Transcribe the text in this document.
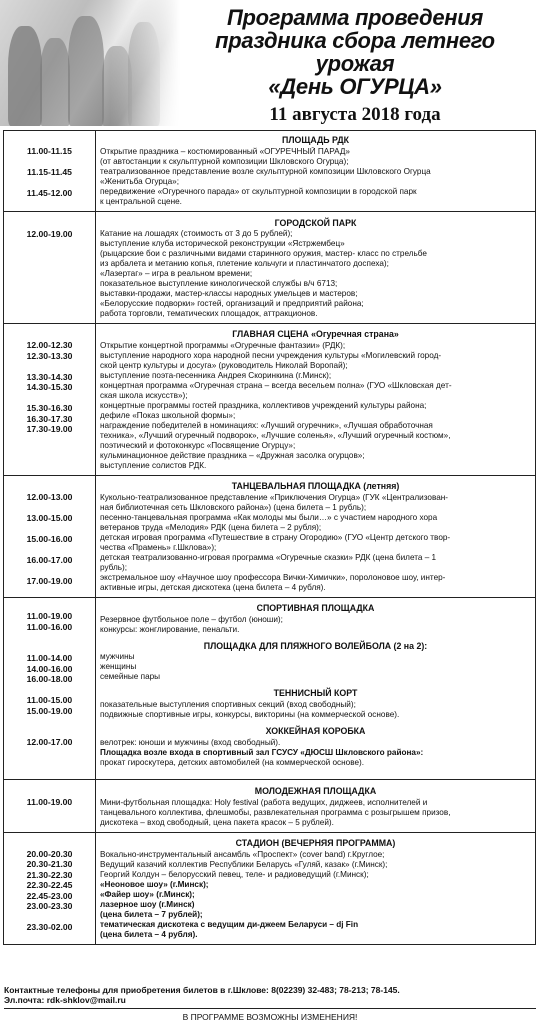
Программа проведения
праздника сбора летнего урожая
«День ОГУРЦА»
11 августа 2018 года
11.00-11.15

11.15-11.45

11.45-12.00
ПЛОЩАДЬ РДК
Открытие праздника – костюмированный «ОГУРЕЧНЫЙ ПАРАД»
(от автостанции к скульптурной композиции Шкловского Огурца);
театрализованное представление возле скульптурной композиции Шкловского Огурца
«Женитьба Огурца»;
передвижение «Огуречного парада» от скульптурной композиции в городской парк
к центральной сцене.
12.00-19.00
ГОРОДСКОЙ ПАРК
Катание на лошадях (стоимость от 3 до 5 рублей);
выступление клуба исторической реконструкции «Ястржембец»
(рыцарские бои с различными видами старинного оружия, мастер- класс по стрельбе
из арбалета и метанию копья, плетение кольчуги и пластинчатого доспеха);
«Лазертаг» – игра в реальном времени;
показательное выступление кинологической службы в/ч 6713;
выставки-продажи, мастер-классы народных умельцев и мастеров;
«Белорусские подворки» гостей, организаций и предприятий района;
работа торговли, тематических площадок, аттракционов.
12.00-12.30
12.30-13.30

13.30-14.30
14.30-15.30

15.30-16.30
16.30-17.30
17.30-19.00
ГЛАВНАЯ СЦЕНА «Огуречная страна»
Открытие концертной программы «Огуречные фантазии» (РДК);
выступление народного хора народной песни учреждения культуры «Могилевский город-
ской центр культуры и досуга» (руководитель Николай Воропай);
выступление поэта-песенника Андрея Скоринкина (г.Минск);
концертная программа «Огуречная страна – всегда весельем полна» (ГУО «Шкловская дет-
ская школа искусств»);
концертные программы гостей праздника, коллективов учреждений культуры района;
дефиле «Показ школьной формы»;
награждение победителей в номинациях: «Лучший огуречник», «Лучшая обработочная
техника», «Лучший огуречный подворок», «Лучшие соленья», «Лучший огуречный костюм»,
поэтический и фотоконкурс «Посвящение Огурцу»;
кульминационное действие праздника – «Дружная засолка огурцов»;
выступление солистов РДК.
12.00-13.00

13.00-15.00

15.00-16.00

16.00-17.00

17.00-19.00
ТАНЦЕВАЛЬНАЯ ПЛОЩАДКА (летняя)
Кукольно-театрализованное представление «Приключения Огурца» (ГУК «Централизован-
ная библиотечная сеть Шкловского района») (цена билета – 1 рубль);
песенно-танцевальная программа «Как молоды мы были…» с участием народного хора
ветеранов труда «Мелодия» РДК (цена билета – 2 рубля);
детская игровая программа «Путешествие в страну Огородию» (ГУО «Центр детского твор-
чества «Прамень» г.Шклова»);
детская театрализованно-игровая программа «Огуречные сказки» РДК (цена билета – 1
рубль);
экстремальное шоу «Научное шоу профессора Вички-Химички», поролоновое шоу, интер-
активные игры, детская дискотека (цена билета – 4 рубля).

11.00-19.00
11.00-16.00

11.00-14.00
14.00-16.00
16.00-18.00

11.00-15.00
15.00-19.00

12.00-17.00

СПОРТИВНАЯ ПЛОЩАДКА
Резервное футбольное поле – футбол (юноши);
конкурсы: жонглирование, пенальти.
ПЛОЩАДКА ДЛЯ ПЛЯЖНОГО ВОЛЕЙБОЛА (2 на 2):
мужчины
женщины
семейные пары
ТЕННИСНЫЙ КОРТ
показательные выступления спортивных секций (вход свободный);
подвижные спортивные игры, конкурсы, викторины (на коммерческой основе).
ХОККЕЙНАЯ КОРОБКА
велотрек: юноши и мужчины (вход свободный).
Площадка возле входа в спортивный зал ГСУСУ «ДЮСШ Шкловского района»:
прокат гироскутера, детских автомобилей (на коммерческой основе).
11.00-19.00
МОЛОДЕЖНАЯ ПЛОЩАДКА
Мини-футбольная площадка: Holy festival (работа ведущих, диджеев, исполнителей и
танцевального коллектива, флешмобы, развлекательная программа с розыгрышем призов,
дискотека – вход свободный, цена пакета красок – 5 рублей).
20.00-20.30
20.30-21.30
21.30-22.30
22.30-22.45
22.45-23.00
23.00-23.30

23.30-02.00
СТАДИОН (ВЕЧЕРНЯЯ ПРОГРАММА)
Вокально-инструментальный ансамбль «Проспект» (cover band) г.Круглое;
Ведущий казачий коллектив Республики Беларусь «Гуляй, казак» (г.Минск);
Георгий Колдун – белорусский певец, теле- и радиоведущий (г.Минск);
«Неоновое шоу» (г.Минск);
«Файер шоу» (г.Минск);
лазерное шоу (г.Минск)
(цена билета – 7 рублей);
тематическая дискотека с ведущим ди-джеем Беларуси – dj Fin
(цена билета – 4 рубля).
Контактные телефоны для приобретения билетов в г.Шклове: 8(02239) 32-483; 78-213; 78-145.
Эл.почта: rdk-shklov@mail.ru
В ПРОГРАММЕ ВОЗМОЖНЫ ИЗМЕНЕНИЯ!
